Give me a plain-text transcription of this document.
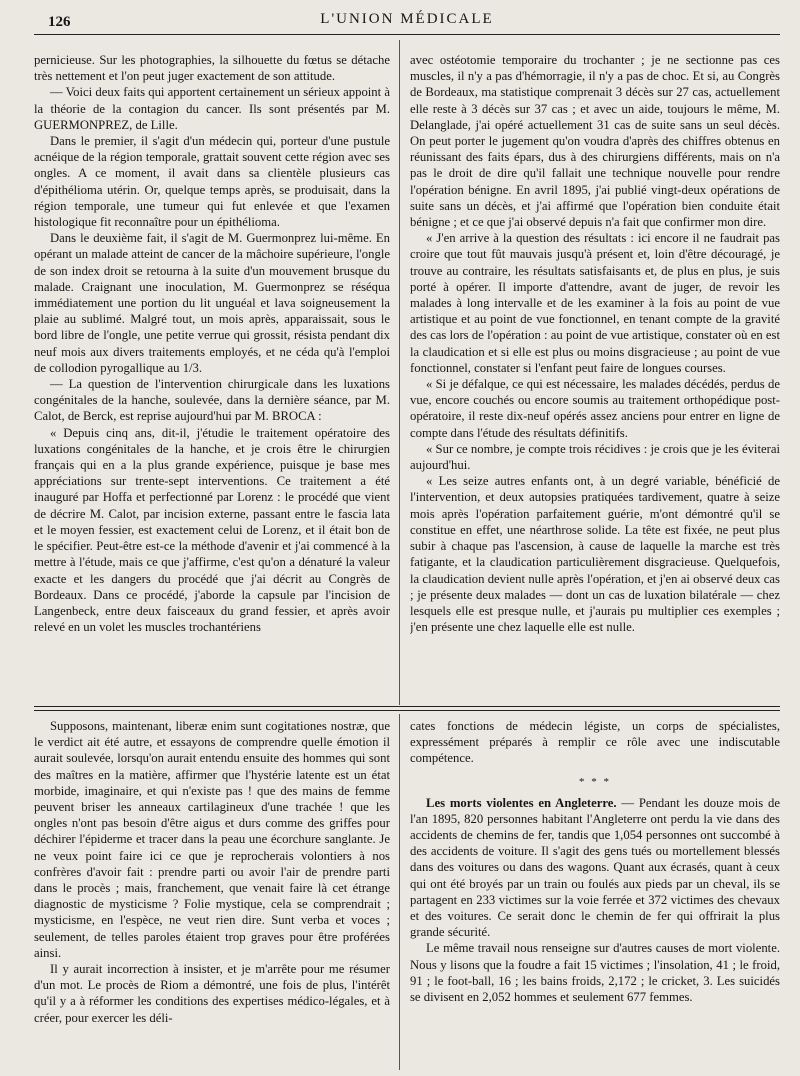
126	L'UNION MÉDICALE

pernicieuse. Sur les photographies, la silhouette du fœtus se détache très nettement et l'on peut juger exactement de son attitude.

— Voici deux faits qui apportent certainement un sérieux appoint à la théorie de la contagion du cancer. Ils sont présentés par M. GUERMONPREZ, de Lille.

Dans le premier, il s'agit d'un médecin qui, porteur d'une pustule acnéique de la région temporale, grattait souvent cette région avec ses ongles. A ce moment, il avait dans sa clientèle plusieurs cas d'épithélioma utérin. Or, quelque temps après, se produisait, dans la région temporale, une tumeur qui fut enlevée et que l'examen histologique fit reconnaître pour un épithélioma.

Dans le deuxième fait, il s'agit de M. Guermonprez lui-même. En opérant un malade atteint de cancer de la mâchoire supérieure, l'ongle de son index droit se retourna à la suite d'un mouvement brusque du malade. Craignant une inoculation, M. Guermonprez se réséqua immédiatement une portion du lit unguéal et lava soigneusement la plaie au sublimé. Malgré tout, un mois après, apparaissait, sous le bord libre de l'ongle, une petite verrue qui grossit, résista pendant dix neuf mois aux divers traitements employés, et ne céda qu'à l'emploi de collodion pyrogallique au 1/3.

— La question de l'intervention chirurgicale dans les luxations congénitales de la hanche, soulevée, dans la dernière séance, par M. Calot, de Berck, est reprise aujourd'hui par M. BROCA :

« Depuis cinq ans, dit-il, j'étudie le traitement opératoire des luxations congénitales de la hanche, et je crois être le chirurgien français qui en a la plus grande expérience, puisque je base mes appréciations sur trente-sept interventions. Ce traitement a été inauguré par Hoffa et perfectionné par Lorenz : le procédé que vient de décrire M. Calot, par incision externe, passant entre le fascia lata et le moyen fessier, est exactement celui de Lorenz, et il était bon de le spécifier. Peut-être est-ce la méthode d'avenir et j'ai commencé à la mettre à l'étude, mais ce que j'affirme, c'est qu'on a dénaturé la valeur exacte et les dangers du procédé que j'ai décrit au Congrès de Bordeaux. Dans ce procédé, j'aborde la capsule par l'incision de Langenbeck, entre deux faisceaux du grand fessier, et après avoir relevé en un volet les muscles trochantériens

avec ostéotomie temporaire du trochanter ; je ne sectionne pas ces muscles, il n'y a pas d'hémorragie, il n'y a pas de choc. Et si, au Congrès de Bordeaux, ma statistique comprenait 3 décès sur 27 cas, actuellement elle reste à 3 décès sur 37 cas ; et avec un aide, toujours le même, M. Delanglade, j'ai opéré actuellement 31 cas de suite sans un seul décès. On peut porter le jugement qu'on voudra d'après des chiffres obtenus en réunissant des faits épars, dus à des chirurgiens différents, mais on n'a pas le droit de dire qu'il fallait une technique nouvelle pour rendre l'opération bénigne. En avril 1895, j'ai publié vingt-deux opérations de suite sans un décès, et j'ai affirmé que l'opération bien conduite était bénigne ; et ce que j'ai observé depuis n'a fait que confirmer mon dire.

« J'en arrive à la question des résultats : ici encore il ne faudrait pas croire que tout fût mauvais jusqu'à présent et, loin d'être découragé, je trouve au contraire, les résultats satisfaisants et, de plus en plus, je suis porté à opérer. Il importe d'attendre, avant de juger, de revoir les malades à long intervalle et de les examiner à la fois au point de vue artistique et au point de vue fonctionnel, en tenant compte de la gravité des cas lors de l'opération : au point de vue artistique, constater où en est la claudication et si elle est plus ou moins disgracieuse ; au point de vue fonctionnel, constater si l'enfant peut faire de longues courses.

« Si je défalque, ce qui est nécessaire, les malades décédés, perdus de vue, encore couchés ou encore soumis au traitement orthopédique post-opératoire, il reste dix-neuf opérés assez anciens pour entrer en ligne de compte dans l'étude des résultats définitifs.

« Sur ce nombre, je compte trois récidives : je crois que je les éviterai aujourd'hui.

« Les seize autres enfants ont, à un degré variable, bénéficié de l'intervention, et deux autopsies pratiquées tardivement, quatre à seize mois après l'opération parfaitement guérie, m'ont démontré qu'il se constitue en effet, une néarthrose solide. La tête est fixée, ne peut plus subir à chaque pas l'ascension, à cause de laquelle la marche est très fatigante, et la claudication particulièrement disgracieuse. Quelquefois, la claudication devient nulle après l'opération, et j'en ai observé deux cas ; je présente deux malades — dont un cas de luxation bilatérale — chez lesquels elle est presque nulle, et j'aurais pu multiplier ces exemples ; j'en présente une chez laquelle elle est nulle.

Supposons, maintenant, liberæ enim sunt cogitationes nostræ, que le verdict ait été autre, et essayons de comprendre quelle émotion il aurait soulevée, lorsqu'on aurait entendu ensuite des hommes qui sont des maîtres en la matière, affirmer que l'hystérie latente est un état morbide, imaginaire, et qui n'existe pas ! que des mains de femme peuvent briser les anneaux cartilagineux d'une trachée ! que les ongles n'ont pas besoin d'être aigus et durs comme des griffes pour déchirer l'épiderme et tracer dans la peau une écorchure sanglante. Je ne veux point faire ici ce que je reprocherais volontiers à nos confrères d'avoir fait : prendre parti ou avoir l'air de prendre parti dans le procès ; mais, franchement, que venait faire là cet étrange diagnostic de mysticisme ? Folie mystique, cela se comprendrait ; mysticisme, en l'espèce, ne veut rien dire. Sunt verba et voces ; seulement, de telles paroles étaient trop graves pour être proférées ainsi.

Il y aurait incorrection à insister, et je m'arrête pour me résumer d'un mot. Le procès de Riom a démontré, une fois de plus, l'intérêt qu'il y a à réformer les conditions des expertises médico-légales, et à créer, pour exercer les déli-

cates fonctions de médecin légiste, un corps de spécialistes, expressément préparés à remplir ce rôle avec une indiscutable compétence.

* * *

Les morts violentes en Angleterre. — Pendant les douze mois de l'an 1895, 820 personnes habitant l'Angleterre ont perdu la vie dans des accidents de chemins de fer, tandis que 1,054 personnes ont succombé à des accidents de voiture. Il s'agit des gens tués ou mortellement blessés dans des voitures ou dans des wagons. Quant aux écrasés, quant à ceux qui ont été broyés par un train ou foulés aux pieds par un cheval, ils se partagent en 233 victimes sur la voie ferrée et 372 victimes des chevaux et des voitures. Ce serait donc le chemin de fer qui offrirait la plus grande sécurité.

Le même travail nous renseigne sur d'autres causes de mort violente. Nous y lisons que la foudre a fait 15 victimes ; l'insolation, 41 ; le froid, 91 ; le foot-ball, 16 ; les bains froids, 2,172 ; le cricket, 3. Les suicidés se divisent en 2,052 hommes et seulement 677 femmes.
